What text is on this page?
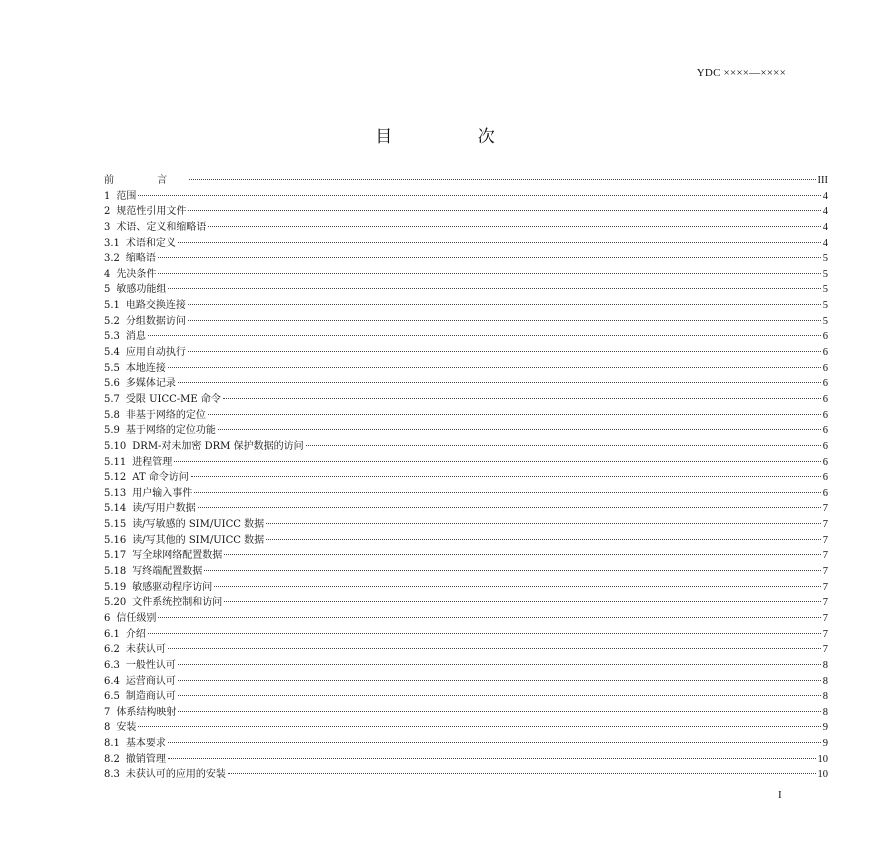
YDC ××××—××××
目 次
前 言	III
1 范围	4
2 规范性引用文件	4
3 术语、定义和缩略语	4
3.1 术语和定义	4
3.2 缩略语	5
4 先决条件	5
5 敏感功能组	5
5.1 电路交换连接	5
5.2 分组数据访问	5
5.3 消息	6
5.4 应用自动执行	6
5.5 本地连接	6
5.6 多媒体记录	6
5.7 受限 UICC-ME 命令	6
5.8 非基于网络的定位	6
5.9 基于网络的定位功能	6
5.10 DRM-对未加密 DRM 保护数据的访问	6
5.11 进程管理	6
5.12 AT 命令访问	6
5.13 用户输入事件	6
5.14 读/写用户数据	7
5.15 读/写敏感的 SIM/UICC 数据	7
5.16 读/写其他的 SIM/UICC 数据	7
5.17 写全球网络配置数据	7
5.18 写终端配置数据	7
5.19 敏感驱动程序访问	7
5.20 文件系统控制和访问	7
6 信任级别	7
6.1 介绍	7
6.2 未获认可	7
6.3 一般性认可	8
6.4 运营商认可	8
6.5 制造商认可	8
7 体系结构映射	8
8 安装	9
8.1 基本要求	9
8.2 撤销管理	10
8.3 未获认可的应用的安装	10
I
